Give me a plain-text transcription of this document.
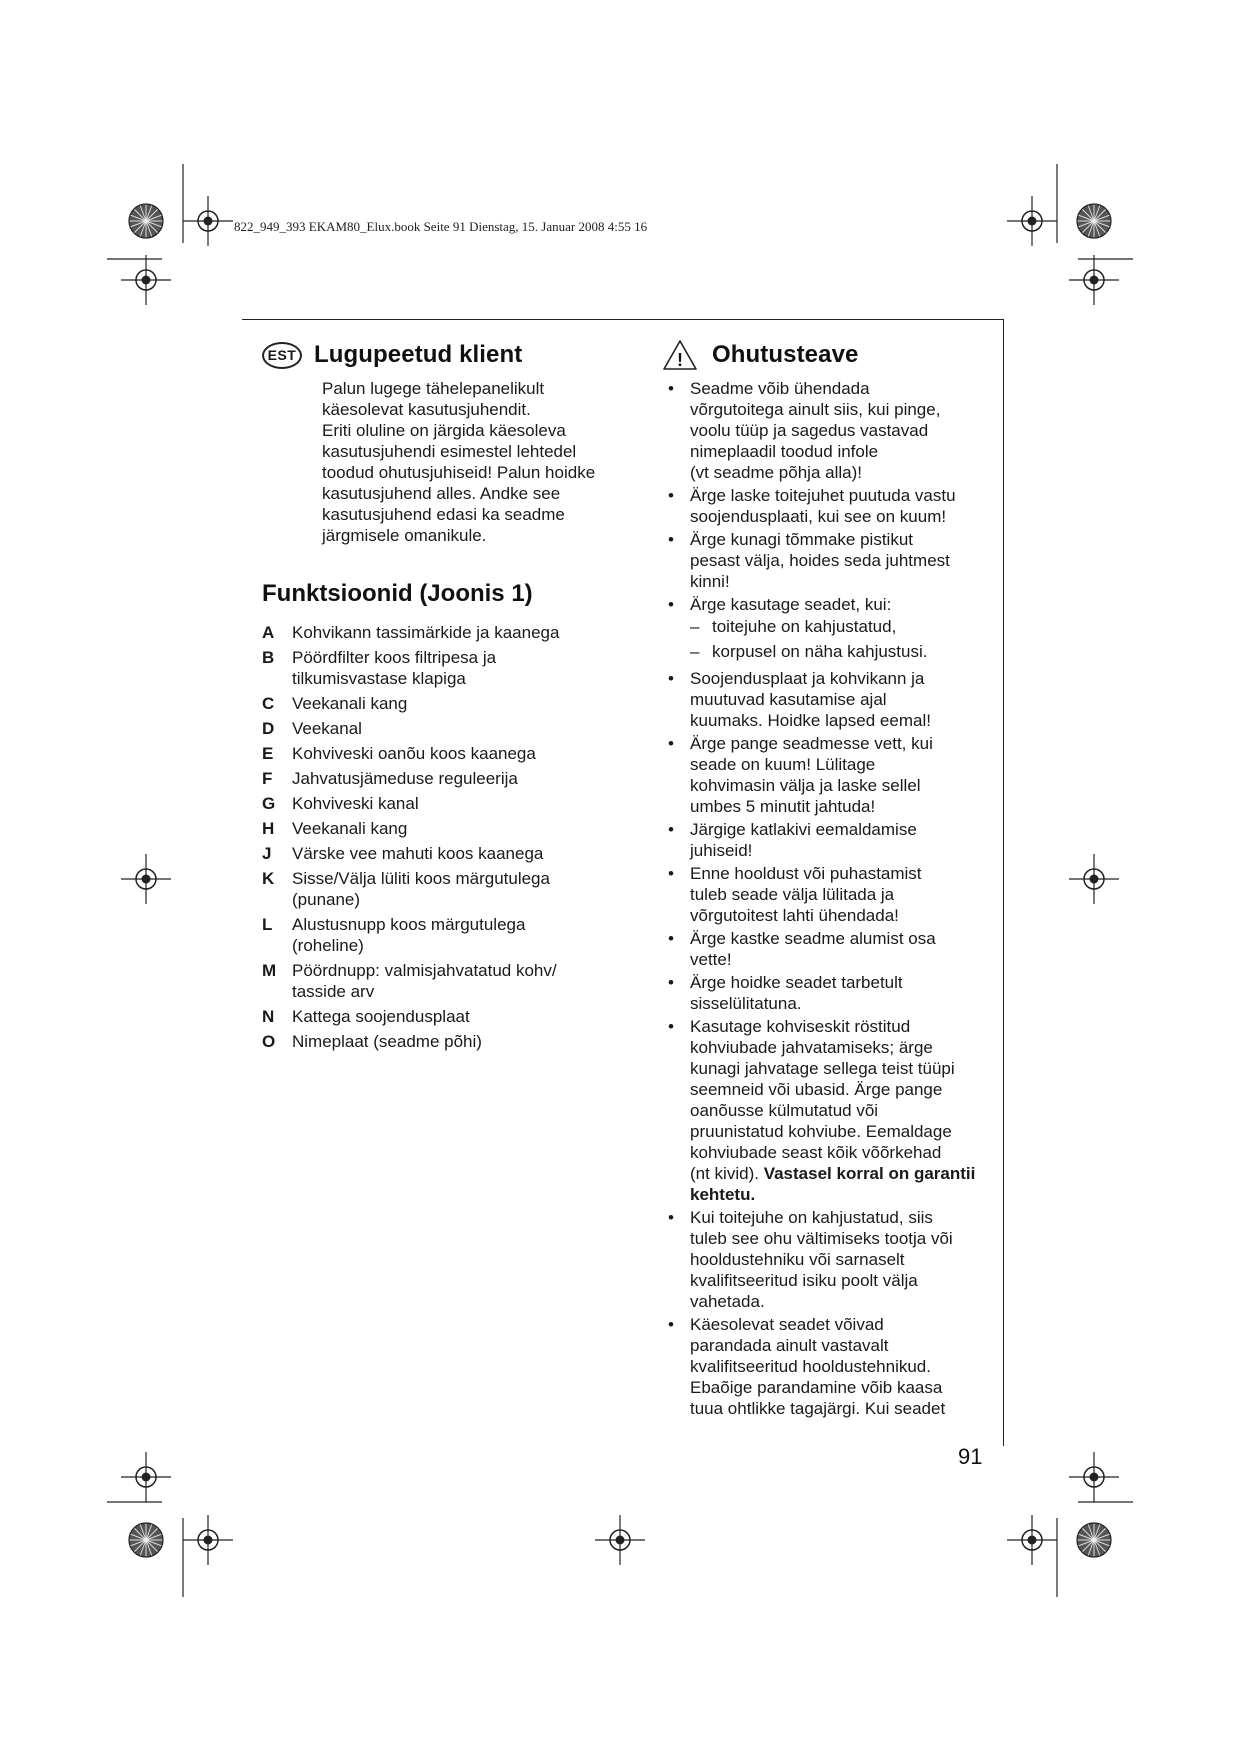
822_949_393 EKAM80_Elux.book Seite 91 Dienstag, 15. Januar 2008 4:55 16
EST Lugupeetud klient

Palun lugege tähelepanelikult

käesolevat kasutusjuhendit.

Eriti oluline on järgida käesoleva

kasutusjuhendi esimestel lehtedel

toodud ohutusjuhiseid! Palun hoidke

kasutusjuhend alles. Andke see

kasutusjuhend edasi ka seadme

järgmisele omanikule.

Funktsioonid (Joonis 1)
A	Kohvikann tassimärkide ja kaanega
B	Pöördfilter koos filtripesa ja
tilkumisvastase klapiga
C	Veekanali kang
D	Veekanal
E	Kohviveski oanõu koos kaanega
F	Jahvatusjämeduse reguleerija
G Kohviveski kanal
H	Veekanali kang
J	Värske vee mahuti koos kaanega
K	Sisse/Välja lüliti koos märgutulega
(punane)
L	Alustusnupp koos märgutulega
(roheline)
M Pöördnupp: valmisjahvatatud kohv/
tasside arv
N	Kattega soojendusplaat
O Nimeplaat (seadme põhi)
! Ohutusteave
• Seadme võib ühendada
võrgutoitega ainult siis, kui pinge,
voolu tüüp ja sagedus vastavad
nimeplaadil toodud infole
(vt seadme põhja alla)!
• Ärge laske toitejuhet puutuda vastu
soojendusplaati, kui see on kuum!
• Ärge kunagi tõmmake pistikut
pesast välja, hoides seda juhtmest
kinni!
• Ärge kasutage seadet, kui:
– toitejuhe on kahjustatud,
– korpusel on näha kahjustusi.
• Soojendusplaat ja kohvikann ja
muutuvad kasutamise ajal
kuumaks. Hoidke lapsed eemal!
• Ärge pange seadmesse vett, kui
seade on kuum! Lülitage
kohvimasin välja ja laske sellel
umbes 5 minutit jahtuda!
• Järgige katlakivi eemaldamise
juhiseid!
• Enne hooldust või puhastamist
tuleb seade välja lülitada ja
võrgutoitest lahti ühendada!
• Ärge kastke seadme alumist osa
vette!
• Ärge hoidke seadet tarbetult
sisselülitatuna.
• Kasutage kohviseskit röstitud
kohviubade jahvatamiseks; ärge
kunagi jahvatage sellega teist tüüpi
seemneid või ubasid. Ärge pange
oanõusse külmutatud või
pruunistatud kohviube. Eemaldage
kohviubade seast kõik võõrkehad
(nt kivid). Vastasel korral on garantii kehtetu.
• Kui toitejuhe on kahjustatud, siis
tuleb see ohu vältimiseks tootja või
hooldustehniku või sarnaselt
kvalifitseeritud isiku poolt välja
vahetada.
• Käesolevat seadet võivad
parandada ainult vastavalt
kvalifitseeritud hooldustehnikud.
Ebaõige parandamine võib kaasa
tuua ohtlikke tagajärgi. Kui seadet
91
